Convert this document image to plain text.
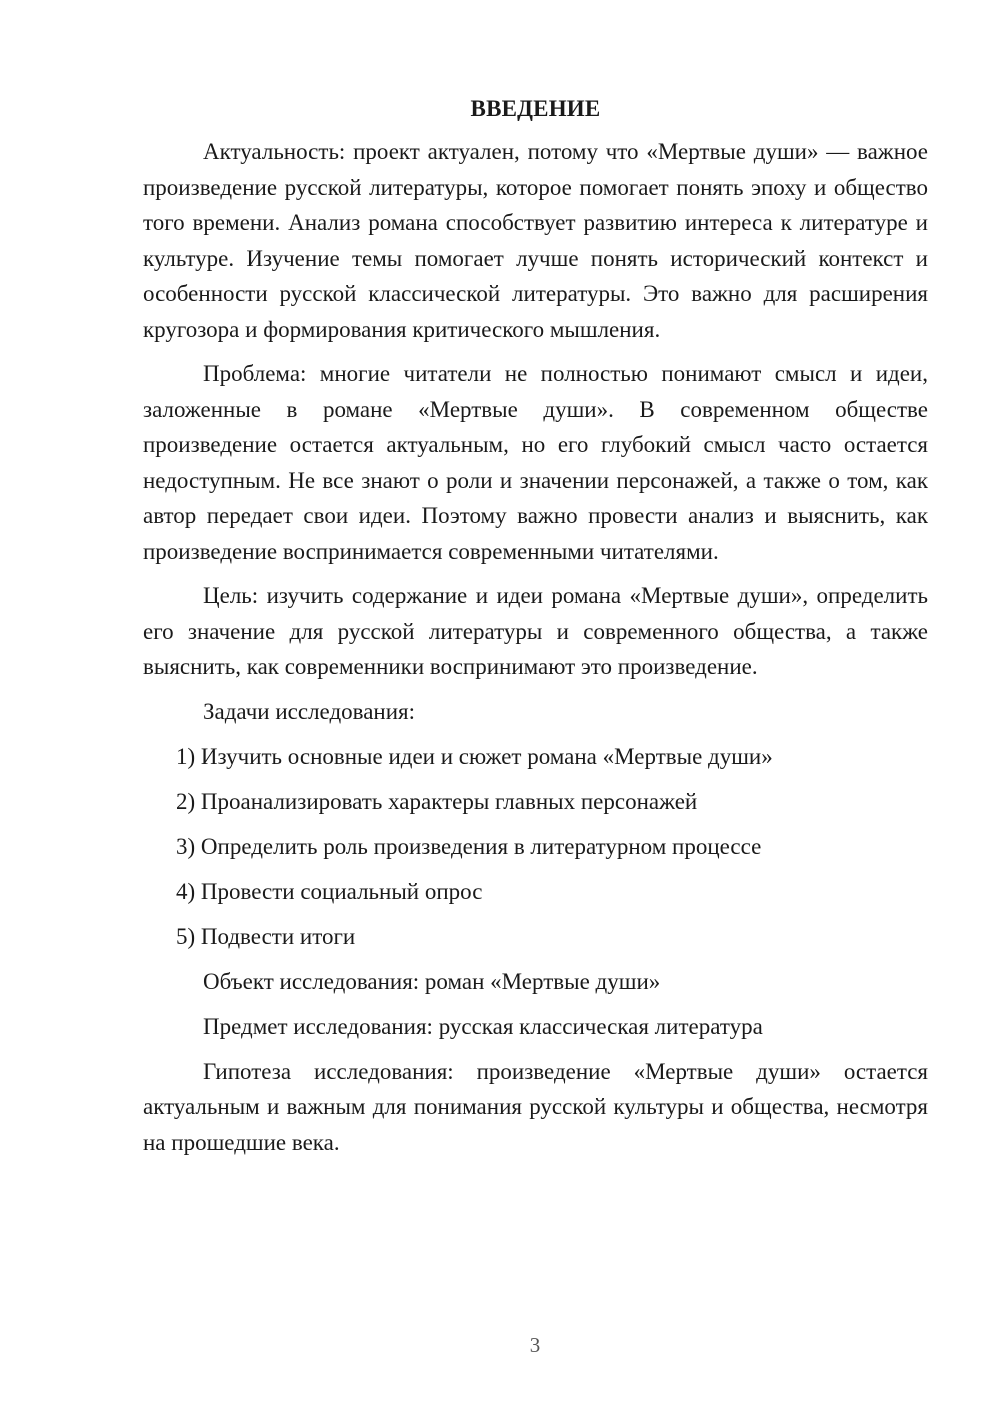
ВВЕДЕНИЕ

Актуальность: проект актуален, потому что «Мертвые души» — важное произведение русской литературы, которое помогает понять эпоху и общество того времени. Анализ романа способствует развитию интереса к литературе и культуре. Изучение темы помогает лучше понять исторический контекст и особенности русской классической литературы. Это важно для расширения кругозора и формирования критического мышления.

Проблема: многие читатели не полностью понимают смысл и идеи, заложенные в романе «Мертвые души». В современном обществе произведение остается актуальным, но его глубокий смысл часто остается недоступным. Не все знают о роли и значении персонажей, а также о том, как автор передает свои идеи. Поэтому важно провести анализ и выяснить, как произведение воспринимается современными читателями.

Цель: изучить содержание и идеи романа «Мертвые души», определить его значение для русской литературы и современного общества, а также выяснить, как современники воспринимают это произведение.

Задачи исследования:
1) Изучить основные идеи и сюжет романа «Мертвые души»
2) Проанализировать характеры главных персонажей
3) Определить роль произведения в литературном процессе
4) Провести социальный опрос
5) Подвести итоги
Объект исследования: роман «Мертвые души»
Предмет исследования: русская классическая литература

Гипотеза исследования: произведение «Мертвые души» остается актуальным и важным для понимания русской культуры и общества, несмотря на прошедшие века.

3
